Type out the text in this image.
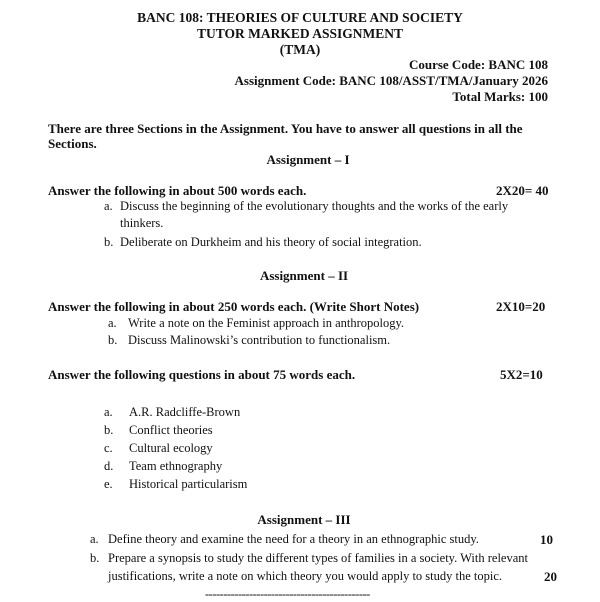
BANC 108: THEORIES OF CULTURE AND SOCIETY
TUTOR MARKED ASSIGNMENT
(TMA)
Course Code: BANC 108
Assignment Code: BANC 108/ASST/TMA/January 2026
Total Marks: 100
There are three Sections in the Assignment. You have to answer all questions in all the
Sections.
Assignment – I
Answer the following in about 500 words each.	2X20= 40
a. Discuss the beginning of the evolutionary thoughts and the works of the early
thinkers.
b. Deliberate on Durkheim and his theory of social integration.
Assignment – II
Answer the following in about 250 words each. (Write Short Notes)	2X10=20
a. Write a note on the Feminist approach in anthropology.
b. Discuss Malinowski’s contribution to functionalism.
Answer the following questions in about 75 words each.	5X2=10
a. A.R. Radcliffe-Brown
b. Conflict theories
c. Cultural ecology
d. Team ethnography
e. Historical particularism
Assignment – III
a. Define theory and examine the need for a theory in an ethnographic study.	10
b. Prepare a synopsis to study the different types of families in a society. With relevant
justifications, write a note on which theory you would apply to study the topic.	20
---------------------------------------------
